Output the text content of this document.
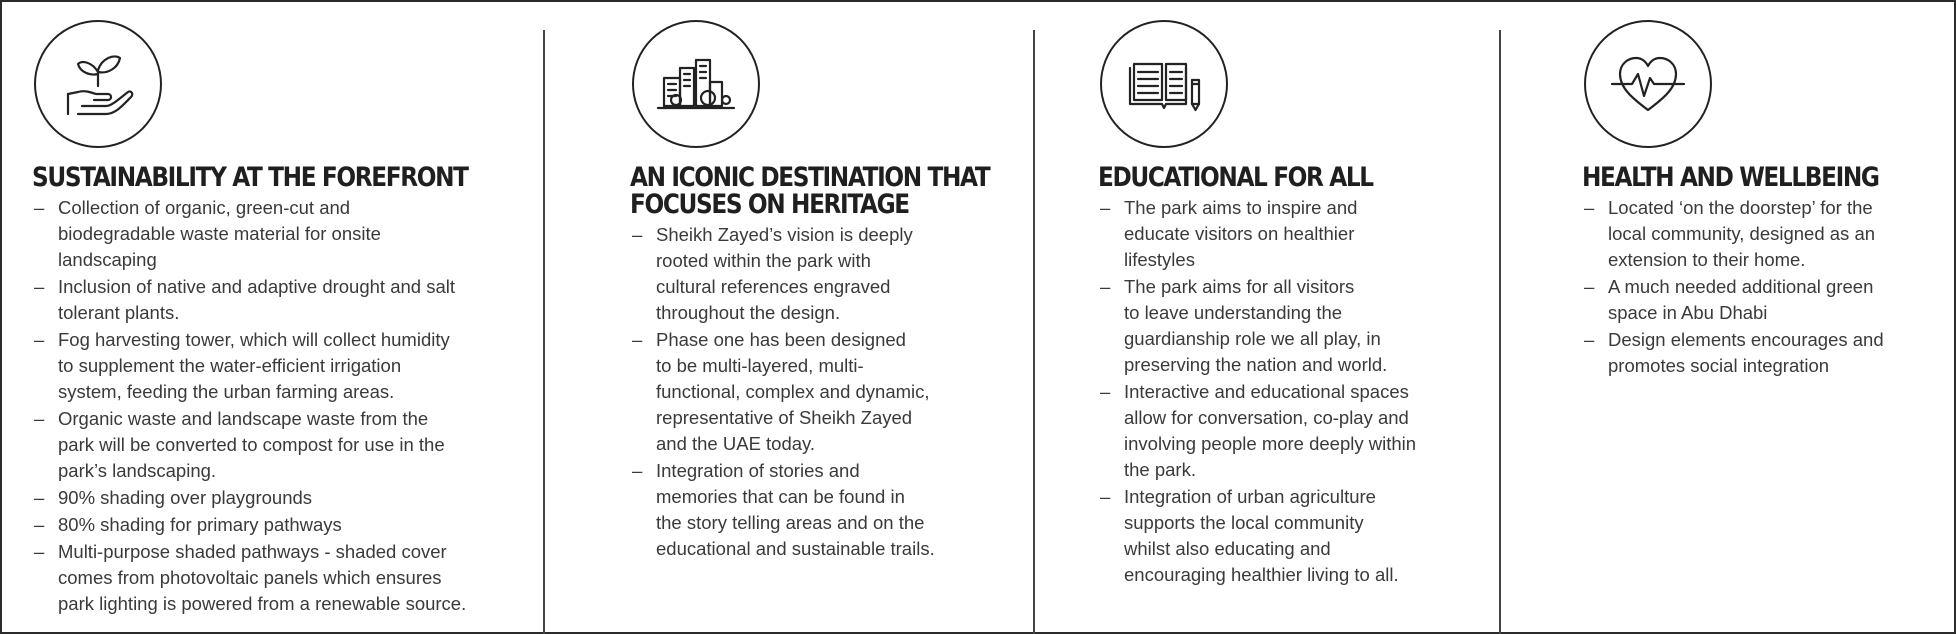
SUSTAINABILITY AT THE FOREFRONT
– Collection of organic, green-cut and
biodegradable waste material for onsite
landscaping
– Inclusion of native and adaptive drought and salt
tolerant plants.
– Fog harvesting tower, which will collect humidity
to supplement the water-efficient irrigation
system, feeding the urban farming areas.
– Organic waste and landscape waste from the
park will be converted to compost for use in the
park’s landscaping.
– 90% shading over playgrounds
– 80% shading for primary pathways
– Multi-purpose shaded pathways - shaded cover
comes from photovoltaic panels which ensures
park lighting is powered from a renewable source.
AN ICONIC DESTINATION THAT
FOCUSES ON HERITAGE
– Sheikh Zayed’s vision is deeply
rooted within the park with
cultural references engraved
throughout the design.
– Phase one has been designed
to be multi-layered, multi-
functional, complex and dynamic,
representative of Sheikh Zayed
and the UAE today.
– Integration of stories and
memories that can be found in
the story telling areas and on the
educational and sustainable trails.
EDUCATIONAL FOR ALL
– The park aims to inspire and
educate visitors on healthier
lifestyles
– The park aims for all visitors
to leave understanding the
guardianship role we all play, in
preserving the nation and world.
– Interactive and educational spaces
allow for conversation, co-play and
involving people more deeply within
the park.
– Integration of urban agriculture
supports the local community
whilst also educating and
encouraging healthier living to all.
HEALTH AND WELLBEING
– Located ‘on the doorstep’ for the
local community, designed as an
extension to their home.
– A much needed additional green
space in Abu Dhabi
– Design elements encourages and
promotes social integration
